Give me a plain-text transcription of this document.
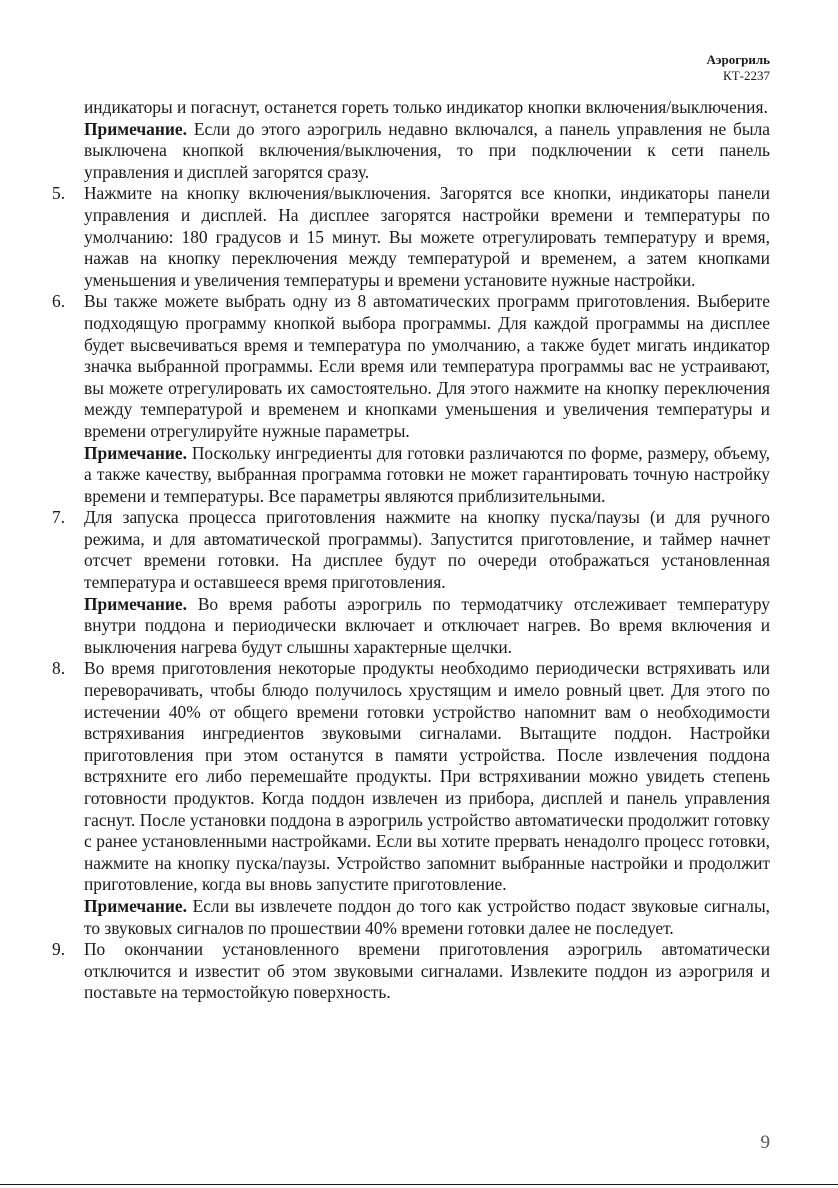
Аэрогриль
КТ-2237

индикаторы и погаснут, останется гореть только индикатор кнопки включения/выключения.

Примечание. Если до этого аэрогриль недавно включался, а панель управления не была выключена кнопкой включения/выключения, то при подключении к сети панель управления и дисплей загорятся сразу.

5. Нажмите на кнопку включения/выключения. Загорятся все кнопки, индикаторы панели управления и дисплей. На дисплее загорятся настройки времени и температуры по умолчанию: 180 градусов и 15 минут. Вы можете отрегулировать температуру и время, нажав на кнопку переключения между температурой и временем, а затем кнопками уменьшения и увеличения температуры и времени установите нужные настройки.

6. Вы также можете выбрать одну из 8 автоматических программ приготовления. Выберите подходящую программу кнопкой выбора программы. Для каждой программы на дисплее будет высвечиваться время и температура по умолчанию, а также будет мигать индикатор значка выбранной программы. Если время или температура программы вас не устраивают, вы можете отрегулировать их самостоятельно. Для этого нажмите на кнопку переключения между температурой и временем и кнопками уменьшения и увеличения температуры и времени отрегулируйте нужные параметры.

Примечание. Поскольку ингредиенты для готовки различаются по форме, размеру, объему, а также качеству, выбранная программа готовки не может гарантировать точную настройку времени и температуры. Все параметры являются приблизительными.

7. Для запуска процесса приготовления нажмите на кнопку пуска/паузы (и для ручного режима, и для автоматической программы). Запустится приготовление, и таймер начнет отсчет времени готовки. На дисплее будут по очереди отображаться установленная температура и оставшееся время приготовления.

Примечание. Во время работы аэрогриль по термодатчику отслеживает температуру внутри поддона и периодически включает и отключает нагрев. Во время включения и выключения нагрева будут слышны характерные щелчки.

8. Во время приготовления некоторые продукты необходимо периодически встряхивать или переворачивать, чтобы блюдо получилось хрустящим и имело ровный цвет. Для этого по истечении 40% от общего времени готовки устройство напомнит вам о необходимости встряхивания ингредиентов звуковыми сигналами. Вытащите поддон. Настройки приготовления при этом останутся в памяти устройства. После извлечения поддона встряхните его либо перемешайте продукты. При встряхивании можно увидеть степень готовности продуктов. Когда поддон извлечен из прибора, дисплей и панель управления гаснут. После установки поддона в аэрогриль устройство автоматически продолжит готовку с ранее установленными настройками. Если вы хотите прервать ненадолго процесс готовки, нажмите на кнопку пуска/паузы. Устройство запомнит выбранные настройки и продолжит приготовление, когда вы вновь запустите приготовление.

Примечание. Если вы извлечете поддон до того как устройство подаст звуковые сигналы, то звуковых сигналов по прошествии 40% времени готовки далее не последует.

9. По окончании установленного времени приготовления аэрогриль автоматически отключится и известит об этом звуковыми сигналами. Извлеките поддон из аэрогриля и поставьте на термостойкую поверхность.

9
